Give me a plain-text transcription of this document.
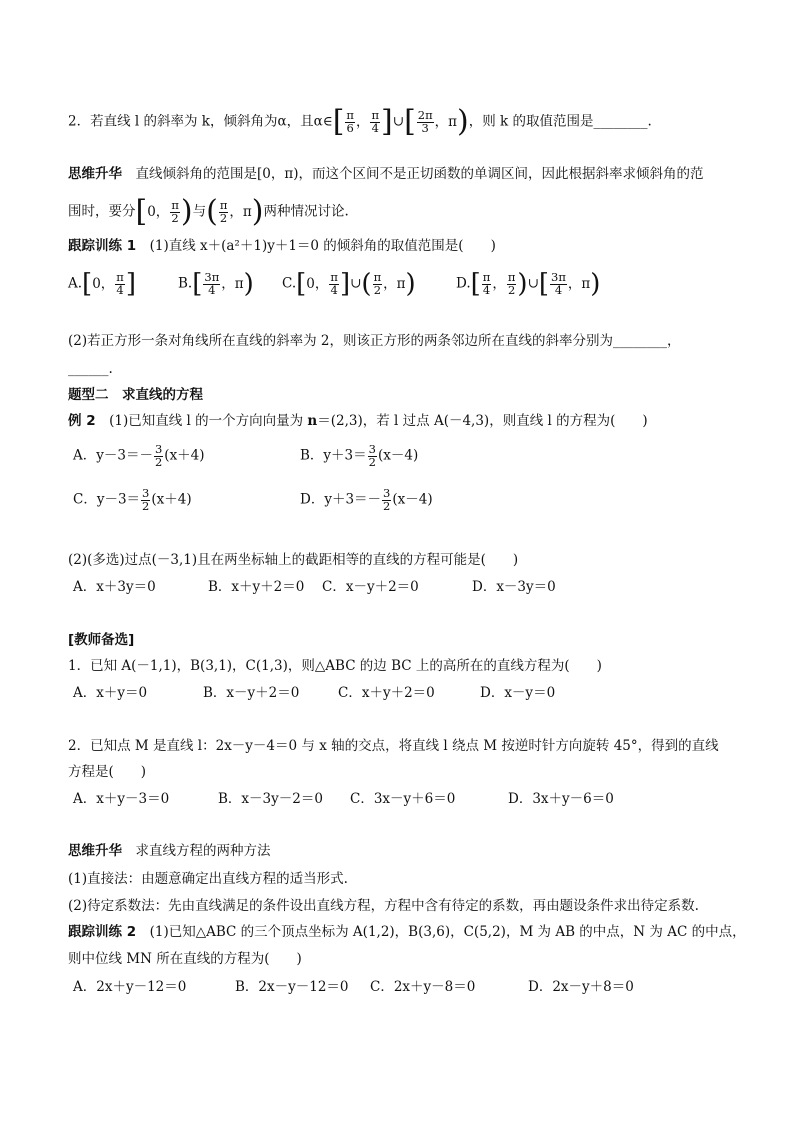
2．若直线 l 的斜率为 k，倾斜角为α，且α∈ [ $\frac{\pi}{6}$ ， $\frac{\pi}{4}$ ] ∪ [ $\frac{2\pi}{3}$ ， π ) ，则 k 的取值范围是________.
思维升华　 直线倾斜角的范围是[0，π)，而这个区间不是正切函数的单调区间，因此根据斜率求倾斜角的范
围时，要分 [ 0， $\frac{\pi}{2}$ ) 与 ( $\frac{\pi}{2}$ ， π ) 两种情况讨论.
跟踪训练 1　 (1)直线 x＋(a²＋1)y＋1＝0 的倾斜角的取值范围是(　　)
A. [ 0， $\frac{\pi}{4}$ ]	B. [ $\frac{3\pi}{4}$ ， π ) C. [ 0， $\frac{\pi}{4}$ ] ∪ ( $\frac{\pi}{2}$ ， π )	D. [ $\frac{\pi}{4}$ ， $\frac{\pi}{2}$ ) ∪ [ $\frac{3\pi}{4}$ ， π )
(2)若正方形一条对角线所在直线的斜率为 2，则该正方形的两条邻边所在直线的斜率分别为________，
______.
题型二　求直线的方程
例 2　 (1)已知直线 l 的一个方向向量为 n＝(2,3)，若 l 过点 A(－4,3)，则直线 l 的方程为(　　)
A．$y-3=- \frac{3}{2} (x+4)$	B．$y+3= \frac{3}{2} (x-4)$
C．$y-3= \frac{3}{2} (x+4)$	D．$y+3=- \frac{3}{2} (x-4)$
(2)(多选)过点(－3,1)且在两坐标轴上的截距相等的直线的方程可能是(　　)
A．x＋3y＝0	B．x＋y＋2＝0 C．x－y＋2＝0	D．x－3y＝0
[教师备选]
1．已知 A(－1,1)，B(3,1)，C(1,3)，则△ABC 的边 BC 上的高所在的直线方程为(　　)
A．x＋y＝0	B．x－y＋2＝0	C．x＋y＋2＝0	D．x－y＝0
2．已知点 M 是直线 l：2x－y－4＝0 与 x 轴的交点，将直线 l 绕点 M 按逆时针方向旋转 45°，得到的直线
方程是(　　)
A．x＋y－3＝0	B．x－3y－2＝0 C．3x－y＋6＝0	D．3x＋y－6＝0
思维升华　 求直线方程的两种方法
(1)直接法：由题意确定出直线方程的适当形式.
(2)待定系数法：先由直线满足的条件设出直线方程，方程中含有待定的系数，再由题设条件求出待定系数.
跟踪训练 2　 (1)已知△ABC 的三个顶点坐标为 A(1,2)，B(3,6)，C(5,2)，M 为 AB 的中点，N 为 AC 的中点，
则中位线 MN 所在直线的方程为(　　)
A．2x＋y－12＝0	B．2x－y－12＝0 C．2x＋y－8＝0	D．2x－y＋8＝0
